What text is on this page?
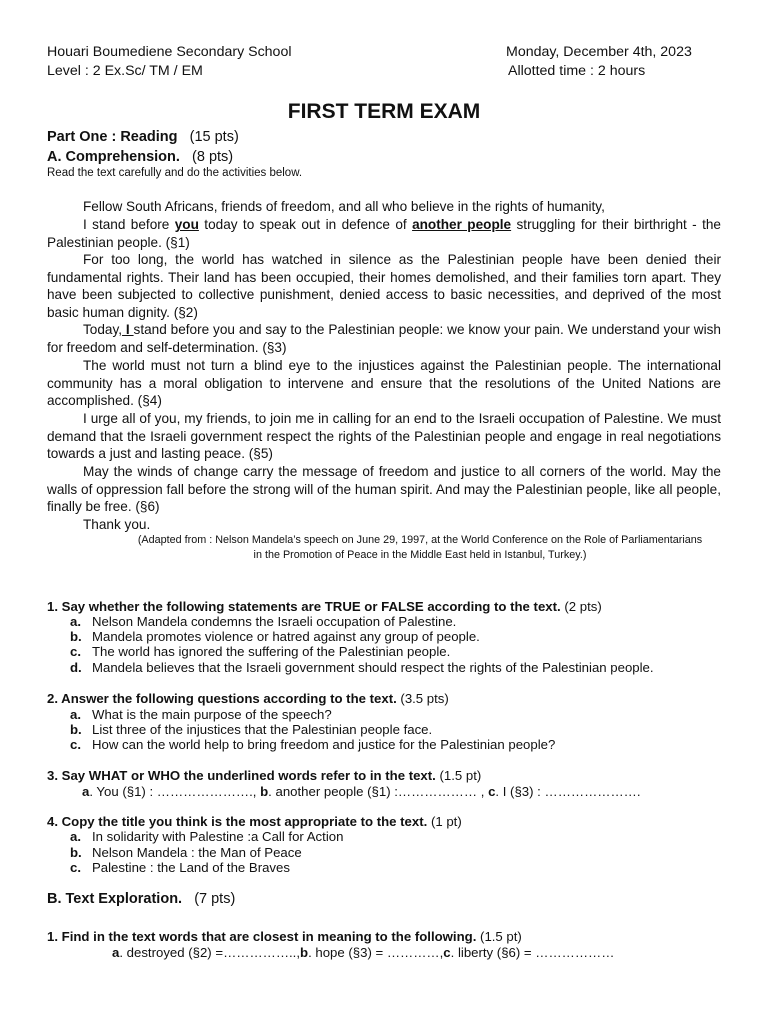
Houari Boumediene Secondary School
Level : 2 Ex.Sc/ TM / EM
Monday, December 4th, 2023
Allotted time : 2 hours
FIRST TERM EXAM
Part One : Reading (15 pts)
A. Comprehension. (8 pts)
Read the text carefully and do the activities below.

Fellow South Africans, friends of freedom, and all who believe in the rights of humanity,

I stand before you today to speak out in defence of another people struggling for their birthright - the Palestinian people. (§1)

For too long, the world has watched in silence as the Palestinian people have been denied their fundamental rights. Their land has been occupied, their homes demolished, and their families torn apart. They have been subjected to collective punishment, denied access to basic necessities, and deprived of the most basic human dignity. (§2)

Today, I stand before you and say to the Palestinian people: we know your pain. We understand your wish for freedom and self-determination. (§3)

The world must not turn a blind eye to the injustices against the Palestinian people. The international community has a moral obligation to intervene and ensure that the resolutions of the United Nations are accomplished. (§4)

I urge all of you, my friends, to join me in calling for an end to the Israeli occupation of Palestine. We must demand that the Israeli government respect the rights of the Palestinian people and engage in real negotiations towards a just and lasting peace. (§5)

May the winds of change carry the message of freedom and justice to all corners of the world. May the walls of oppression fall before the strong will of the human spirit. And may the Palestinian people, like all people, finally be free. (§6)

Thank you.

(Adapted from : Nelson Mandela’s speech on June 29, 1997, at the World Conference on the Role of Parliamentarians
in the Promotion of Peace in the Middle East held in Istanbul, Turkey.)
1. Say whether the following statements are TRUE or FALSE according to the text. (2 pts)
a. Nelson Mandela condemns the Israeli occupation of Palestine.
b. Mandela promotes violence or hatred against any group of people.
c. The world has ignored the suffering of the Palestinian people.
d. Mandela believes that the Israeli government should respect the rights of the Palestinian people.
2. Answer the following questions according to the text. (3.5 pts)
a. What is the main purpose of the speech?
b. List three of the injustices that the Palestinian people face.
c. How can the world help to bring freedom and justice for the Palestinian people?
3. Say WHAT or WHO the underlined words refer to in the text. (1.5 pt)
a. You (§1) : …………………., b. another people (§1) :……………… , c. I (§3) : ………………….
4. Copy the title you think is the most appropriate to the text. (1 pt)
a. In solidarity with Palestine :a Call for Action
b. Nelson Mandela : the Man of Peace
c. Palestine : the Land of the Braves
B. Text Exploration. (7 pts)
1. Find in the text words that are closest in meaning to the following. (1.5 pt)
a. destroyed (§2) =……………..,b. hope (§3) = …………,c. liberty (§6) = ………………
